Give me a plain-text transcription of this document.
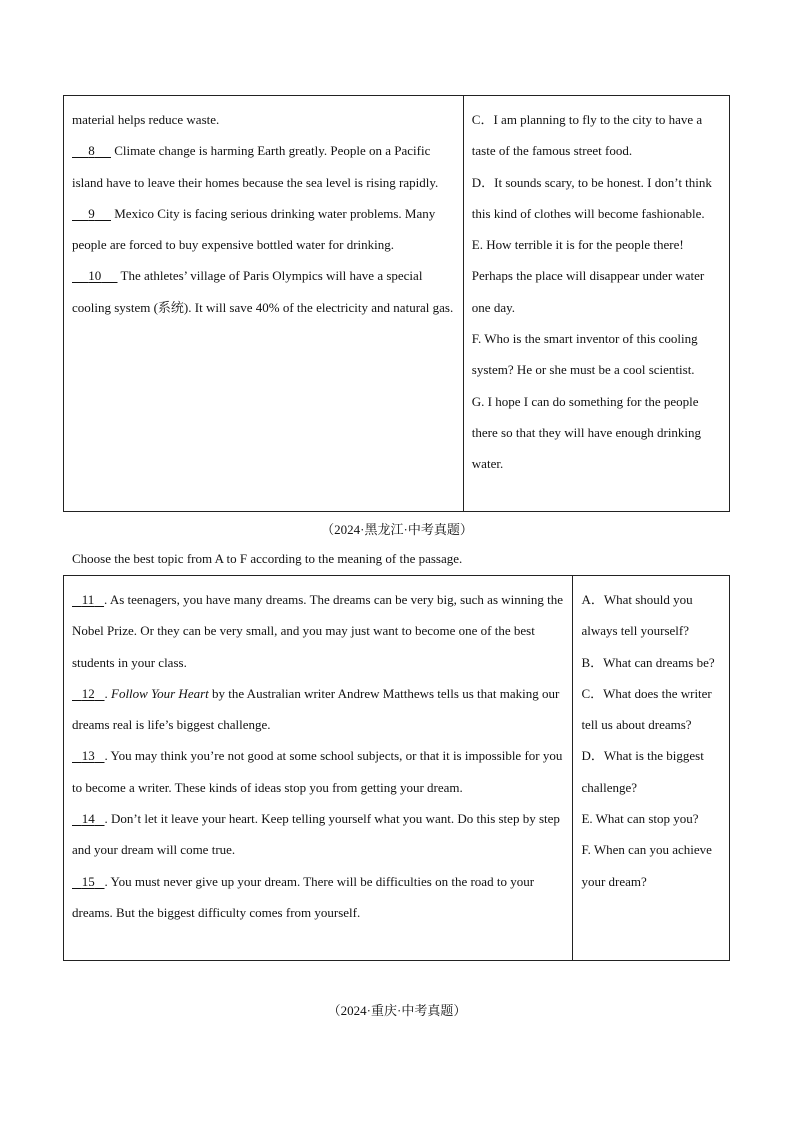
material helps reduce waste.

8 Climate change is harming Earth greatly. People on a Pacific island have to leave their homes because the sea level is rising rapidly.

9 Mexico City is facing serious drinking water problems. Many people are forced to buy expensive bottled water for drinking.

10 The athletes’ village of Paris Olympics will have a special cooling system (系统). It will save 40% of the electricity and natural gas.

C．I am planning to fly to the city to have a taste of the famous street food.

D．It sounds scary, to be honest. I don’t think this kind of clothes will become fashionable.

E. How terrible it is for the people there! Perhaps the place will disappear under water one day.

F. Who is the smart inventor of this cooling system? He or she must be a cool scientist.

G. I hope I can do something for the people there so that they will have enough drinking water.

（2024·黑龙江·中考真题）
Choose the best topic from A to F according to the meaning of the passage.

11 . As teenagers, you have many dreams. The dreams can be very big, such as winning the Nobel Prize. Or they can be very small, and you may just want to become one of the best students in your class.

12 . Follow Your Heart by the Australian writer Andrew Matthews tells us that making our dreams real is life’s biggest challenge.

13 . You may think you’re not good at some school subjects, or that it is impossible for you to become a writer. These kinds of ideas stop you from getting your dream.

14 . Don’t let it leave your heart. Keep telling yourself what you want. Do this step by step and your dream will come true.

15 . You must never give up your dream. There will be difficulties on the road to your dreams. But the biggest difficulty comes from yourself.

A．What should you always tell yourself?

B．What can dreams be?

C．What does the writer tell us about dreams?

D．What is the biggest challenge?

E. What can stop you?

F. When can you achieve your dream?

（2024·重庆·中考真题）
